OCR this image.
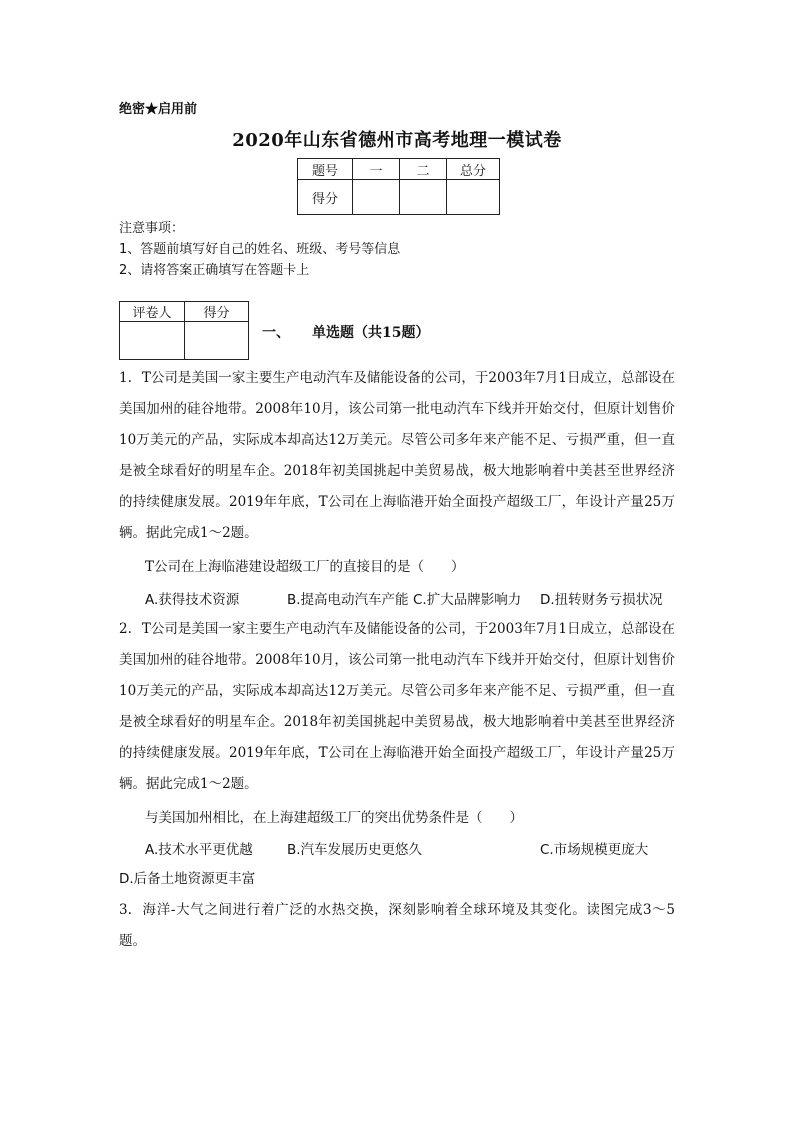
绝密★启用前
2020年山东省德州市高考地理一模试卷
题号	一	二	总分
得分			
注意事项：
1、答题前填写好自己的姓名、班级、考号等信息
2、请将答案正确填写在答题卡上
评卷人	得分

一、 单选题（共15题）
1. T公司是美国一家主要生产电动汽车及储能设备的公司，于2003年7月1日成立，总部设在美国加州的硅谷地带。2008年10月，该公司第一批电动汽车下线并开始交付，但原计划售价10万美元的产品，实际成本却高达12万美元。尽管公司多年来产能不足、亏损严重，但一直是被全球看好的明星车企。2018年初美国挑起中美贸易战，极大地影响着中美甚至世界经济的持续健康发展。2019年年底，T公司在上海临港开始全面投产超级工厂，年设计产量25万辆。据此完成1～2题。
T公司在上海临港建设超级工厂的直接目的是（　　）
A.获得技术资源	B.提高电动汽车产能 C.扩大品牌影响力 D.扭转财务亏损状况
2. T公司是美国一家主要生产电动汽车及储能设备的公司，于2003年7月1日成立，总部设在美国加州的硅谷地带。2008年10月，该公司第一批电动汽车下线并开始交付，但原计划售价10万美元的产品，实际成本却高达12万美元。尽管公司多年来产能不足、亏损严重，但一直是被全球看好的明星车企。2018年初美国挑起中美贸易战，极大地影响着中美甚至世界经济的持续健康发展。2019年年底，T公司在上海临港开始全面投产超级工厂，年设计产量25万辆。据此完成1～2题。
与美国加州相比，在上海建超级工厂的突出优势条件是（　　）
A.技术水平更优越	B.汽车发展历史更悠久	C.市场规模更庞大
D.后备土地资源更丰富
3. 海洋-大气之间进行着广泛的水热交换，深刻影响着全球环境及其变化。读图完成3～5题。
